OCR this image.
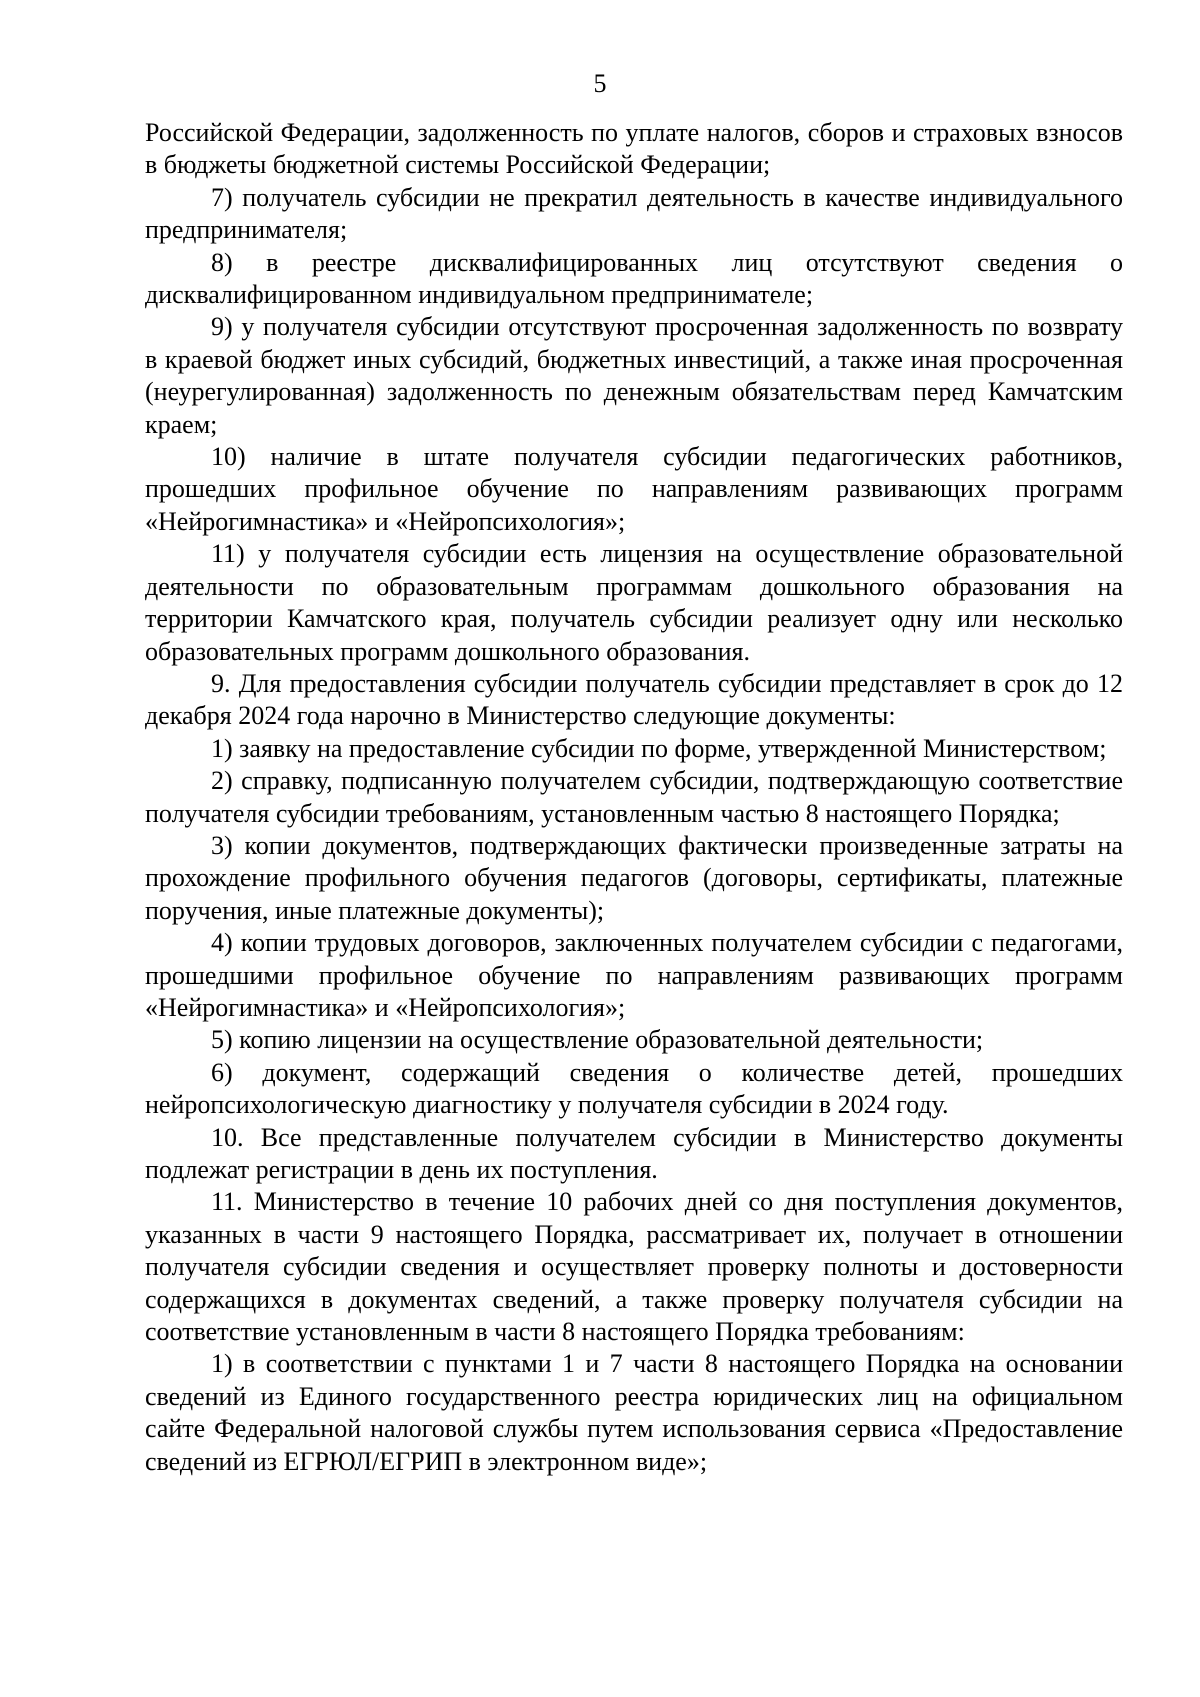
5

Российской Федерации, задолженность по уплате налогов, сборов и страховых взносов в бюджеты бюджетной системы Российской Федерации;

7) получатель субсидии не прекратил деятельность в качестве индивидуального предпринимателя;

8) в реестре дисквалифицированных лиц отсутствуют сведения о дисквалифицированном индивидуальном предпринимателе;

9) у получателя субсидии отсутствуют просроченная задолженность по возврату в краевой бюджет иных субсидий, бюджетных инвестиций, а также иная просроченная (неурегулированная) задолженность по денежным обязательствам перед Камчатским краем;

10) наличие в штате получателя субсидии педагогических работников, прошедших профильное обучение по направлениям развивающих программ «Нейрогимнастика» и «Нейропсихология»;

11) у получателя субсидии есть лицензия на осуществление образовательной деятельности по образовательным программам дошкольного образования на территории Камчатского края, получатель субсидии реализует одну или несколько образовательных программ дошкольного образования.

9. Для предоставления субсидии получатель субсидии представляет в срок до 12 декабря 2024 года нарочно в Министерство следующие документы:

1) заявку на предоставление субсидии по форме, утвержденной Министерством;

2) справку, подписанную получателем субсидии, подтверждающую соответствие получателя субсидии требованиям, установленным частью 8 настоящего Порядка;

3) копии документов, подтверждающих фактически произведенные затраты на прохождение профильного обучения педагогов (договоры, сертификаты, платежные поручения, иные платежные документы);

4) копии трудовых договоров, заключенных получателем субсидии с педагогами, прошедшими профильное обучение по направлениям развивающих программ «Нейрогимнастика» и «Нейропсихология»;

5) копию лицензии на осуществление образовательной деятельности;

6) документ, содержащий сведения о количестве детей, прошедших нейропсихологическую диагностику у получателя субсидии в 2024 году.

10. Все представленные получателем субсидии в Министерство документы подлежат регистрации в день их поступления.

11. Министерство в течение 10 рабочих дней со дня поступления документов, указанных в части 9 настоящего Порядка, рассматривает их, получает в отношении получателя субсидии сведения и осуществляет проверку полноты и достоверности содержащихся в документах сведений, а также проверку получателя субсидии на соответствие установленным в части 8 настоящего Порядка требованиям:

1) в соответствии с пунктами 1 и 7 части 8 настоящего Порядка на основании сведений из Единого государственного реестра юридических лиц на официальном сайте Федеральной налоговой службы путем использования сервиса «Предоставление сведений из ЕГРЮЛ/ЕГРИП в электронном виде»;
